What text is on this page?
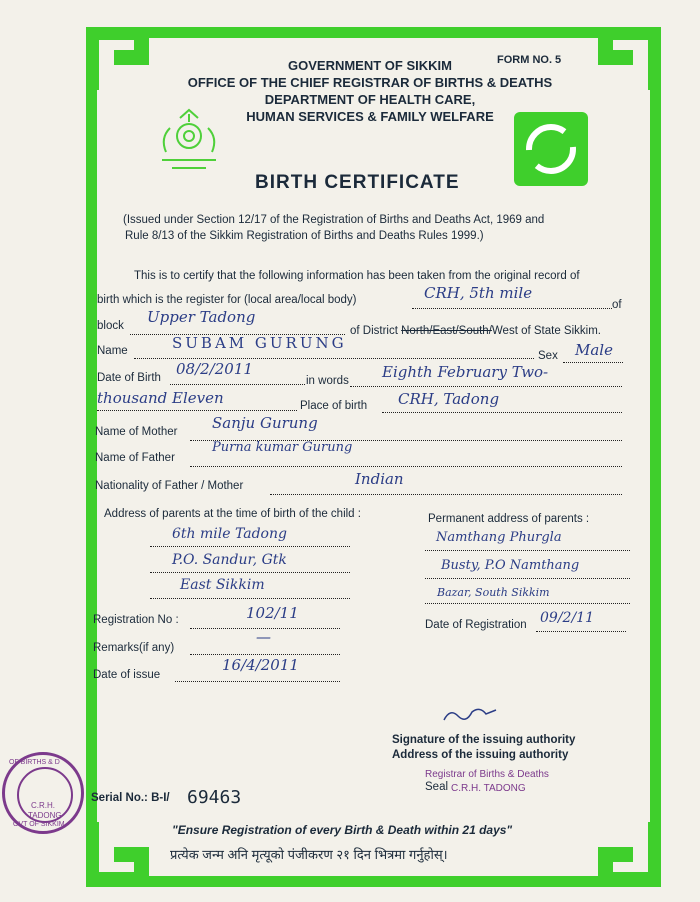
FORM NO. 5
GOVERNMENT OF SIKKIM
OFFICE OF THE CHIEF REGISTRAR OF BIRTHS & DEATHS
DEPARTMENT OF HEALTH CARE,
HUMAN SERVICES & FAMILY WELFARE
BIRTH CERTIFICATE
(Issued under Section 12/17 of the Registration of Births and Deaths Act, 1969 and
Rule 8/13 of the Sikkim Registration of Births and Deaths Rules 1999.)
This is to certify that the following information has been taken from the original record of
birth which is the register for (local area/local body)	CRH, 5th mile
of
block Upper Tadong
of District North/East/South/West of State Sikkim.
Name	SUBAM GURUNG
Sex Male
Date of Birth 08/2/2011
in words Eighth February Two-
thousand Eleven	Place of birth CRH, Tadong
Name of Mother Sanju Gurung
Name of Father
Purna kumar Gurung
Nationality of Father / Mother	Indian
Address of parents at the time of birth of the child :
6th mile Tadong
P.O. Sandur, Gtk
East Sikkim
Permanent address of parents :
Namthang Phurgla
Busty, P.O Namthang
Bazar, South Sikkim
Registration No :	102/11
Date of Registration 09/2/11
Remarks(if any)
—
Date of issue
16/4/2011
Signature of the issuing authority
Address of the issuing authority
Seal
Registrar of Births & Deaths
C.R.H. TADONG
Serial No.: B-I/ 69463
"Ensure Registration of every Birth & Death within 21 days"
प्रत्येक जन्म अनि मृत्यूको पंजीकरण २१ दिन भित्रमा गर्नुहोस्।
OF BIRTHS & D
C.R.H.
TADONG
OVT OF SIKKIM
